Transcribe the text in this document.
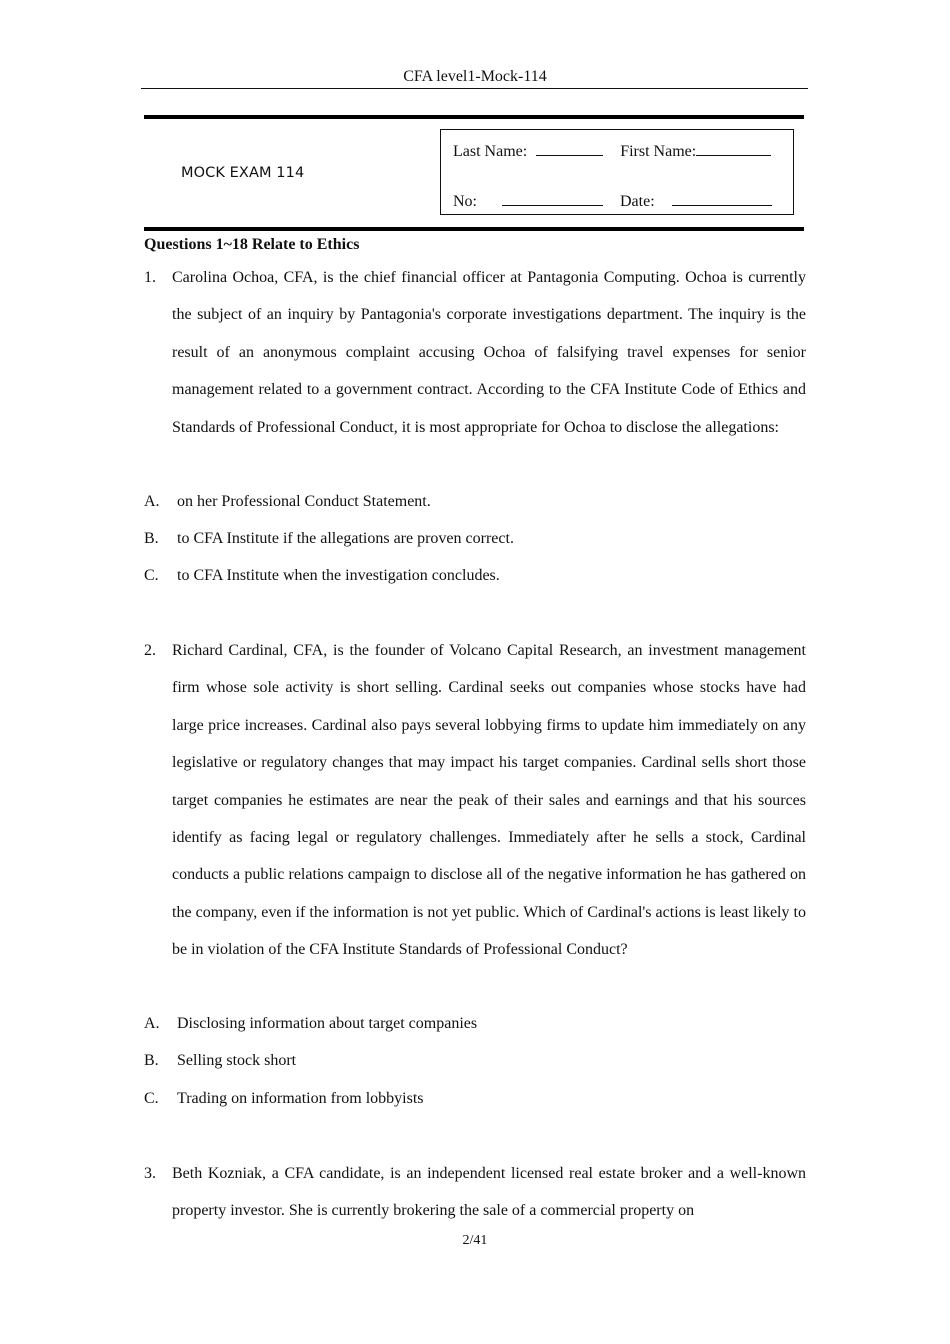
CFA level1-Mock-114
MOCK EXAM 114
Last Name:	First Name:
No:	Date:
Questions 1~18 Relate to Ethics
1. Carolina Ochoa, CFA, is the chief financial officer at Pantagonia Computing. Ochoa is currently the subject of an inquiry by Pantagonia's corporate investigations department. The inquiry is the result of an anonymous complaint accusing Ochoa of falsifying travel expenses for senior management related to a government contract. According to the CFA Institute Code of Ethics and Standards of Professional Conduct, it is most appropriate for Ochoa to disclose the allegations:

A. on her Professional Conduct Statement.
B. to CFA Institute if the allegations are proven correct.
C. to CFA Institute when the investigation concludes.
2. Richard Cardinal, CFA, is the founder of Volcano Capital Research, an investment management firm whose sole activity is short selling. Cardinal seeks out companies whose stocks have had large price increases. Cardinal also pays several lobbying firms to update him immediately on any legislative or regulatory changes that may impact his target companies. Cardinal sells short those target companies he estimates are near the peak of their sales and earnings and that his sources identify as facing legal or regulatory challenges. Immediately after he sells a stock, Cardinal conducts a public relations campaign to disclose all of the negative information he has gathered on the company, even if the information is not yet public. Which of Cardinal's actions is least likely to be in violation of the CFA Institute Standards of Professional Conduct?

A. Disclosing information about target companies
B. Selling stock short
C. Trading on information from lobbyists
3. Beth Kozniak, a CFA candidate, is an independent licensed real estate broker and a well-known property investor. She is currently brokering the sale of a commercial property on

2/41
